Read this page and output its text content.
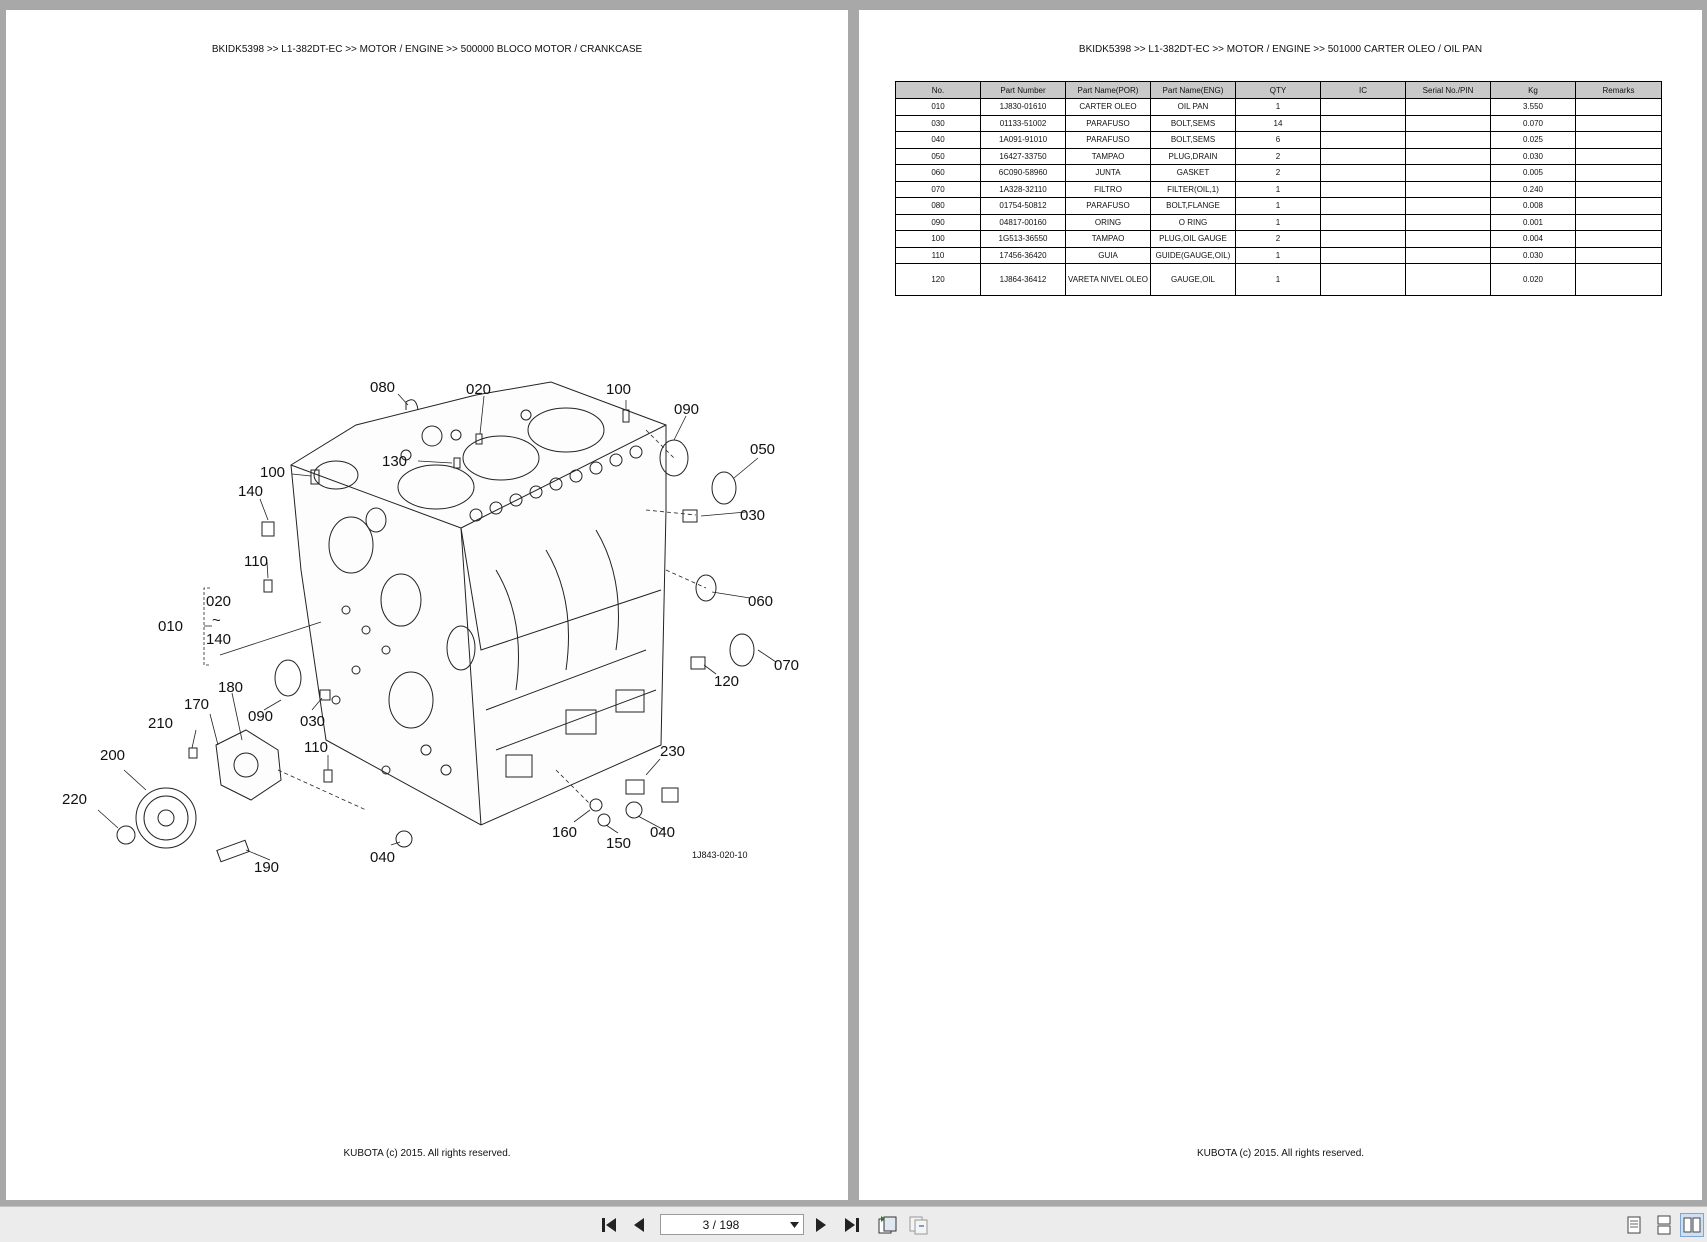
BKIDK5398 >> L1-382DT-EC >> MOTOR / ENGINE >> 500000 BLOCO MOTOR / CRANKCASE
080	020	100
090
050
130
100
140
030
110
060
010
020
~
140
070
120
180
170
090
210	030
200	110	230
220
040
160
150
040
190
1J843-020-10
KUBOTA (c) 2015. All rights reserved.
BKIDK5398 >> L1-382DT-EC >> MOTOR / ENGINE >> 501000 CARTER OLEO / OIL PAN
No.	Part Number	Part Name(POR)	Part Name(ENG)	QTY	IC	Serial No./PIN	Kg	Remarks
010	1J830-01610	CARTER OLEO	OIL PAN	1			3.550	
030	01133-51002	PARAFUSO	BOLT,SEMS	14			0.070	
040	1A091-91010	PARAFUSO	BOLT,SEMS	6			0.025	
050	16427-33750	TAMPAO	PLUG,DRAIN	2			0.030	
060	6C090-58960	JUNTA	GASKET	2			0.005	
070	1A328-32110	FILTRO	FILTER(OIL,1)	1			0.240	
080	01754-50812	PARAFUSO	BOLT,FLANGE	1			0.008	
090	04817-00160	ORING	O RING	1			0.001	
100	1G513-36550	TAMPAO	PLUG,OIL GAUGE	2			0.004	
110	17456-36420	GUIA	GUIDE(GAUGE,OIL)	1			0.030	
120	1J864-36412	VARETA NIVEL OLEO	GAUGE,OIL	1			0.020	
KUBOTA (c) 2015. All rights reserved.
3 / 198
